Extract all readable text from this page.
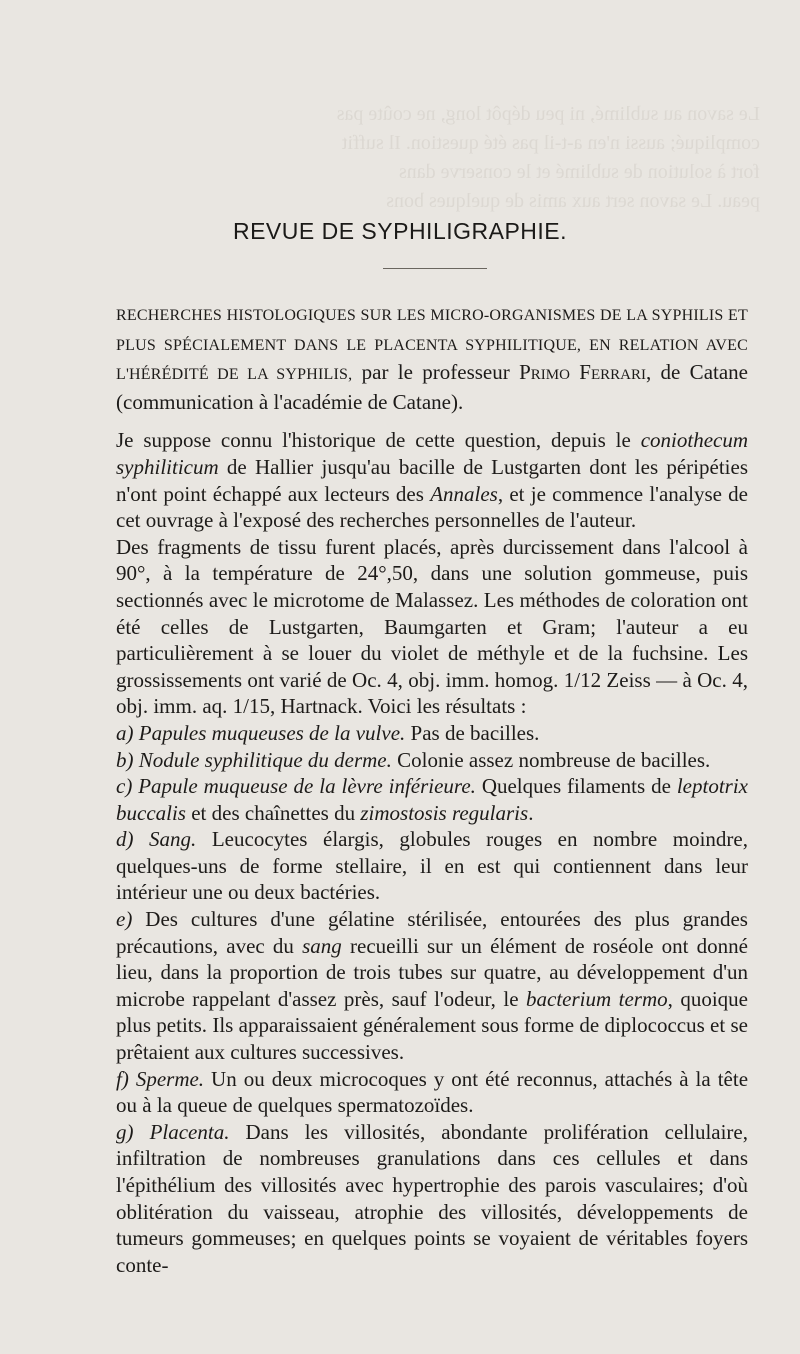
Le savon au sublimé, ni peu dépôt long, ne coûte pas
compliqué; aussi n'en a-t-il pas été question. Il suffit
fort à solution de sublimé et le conserve dans
peau. Le savon sert aux amis de quelques bons
REVUE DE SYPHILIGRAPHIE.

RECHERCHES HISTOLOGIQUES SUR LES MICRO-ORGANISMES DE LA SYPHILIS ET PLUS SPÉCIALEMENT DANS LE PLACENTA SYPHILITIQUE, EN RELATION AVEC L'HÉRÉDITÉ DE LA SYPHILIS, par le professeur Primo Ferrari, de Catane (communication à l'académie de Catane).

Je suppose connu l'historique de cette question, depuis le coniothecum syphiliticum de Hallier jusqu'au bacille de Lustgarten dont les péripéties n'ont point échappé aux lecteurs des Annales, et je commence l'analyse de cet ouvrage à l'exposé des recherches personnelles de l'auteur.

Des fragments de tissu furent placés, après durcissement dans l'alcool à 90°, à la température de 24°,50, dans une solution gommeuse, puis sectionnés avec le microtome de Malassez. Les méthodes de coloration ont été celles de Lustgarten, Baumgarten et Gram; l'auteur a eu particulièrement à se louer du violet de méthyle et de la fuchsine. Les grossissements ont varié de Oc. 4, obj. imm. homog. 1/12 Zeiss — à Oc. 4, obj. imm. aq. 1/15, Hartnack. Voici les résultats :

a) Papules muqueuses de la vulve. Pas de bacilles.

b) Nodule syphilitique du derme. Colonie assez nombreuse de bacilles.

c) Papule muqueuse de la lèvre inférieure. Quelques filaments de leptotrix buccalis et des chaînettes du zimostosis regularis.

d) Sang. Leucocytes élargis, globules rouges en nombre moindre, quelques-uns de forme stellaire, il en est qui contiennent dans leur intérieur une ou deux bactéries.

e) Des cultures d'une gélatine stérilisée, entourées des plus grandes précautions, avec du sang recueilli sur un élément de roséole ont donné lieu, dans la proportion de trois tubes sur quatre, au développement d'un microbe rappelant d'assez près, sauf l'odeur, le bacterium termo, quoique plus petits. Ils apparaissaient généralement sous forme de diplococcus et se prêtaient aux cultures successives.

f) Sperme. Un ou deux microcoques y ont été reconnus, attachés à la tête ou à la queue de quelques spermatozoïdes.

g) Placenta. Dans les villosités, abondante prolifération cellulaire, infiltration de nombreuses granulations dans ces cellules et dans l'épithélium des villosités avec hypertrophie des parois vasculaires; d'où oblitération du vaisseau, atrophie des villosités, développements de tumeurs gommeuses; en quelques points se voyaient de véritables foyers conte-
